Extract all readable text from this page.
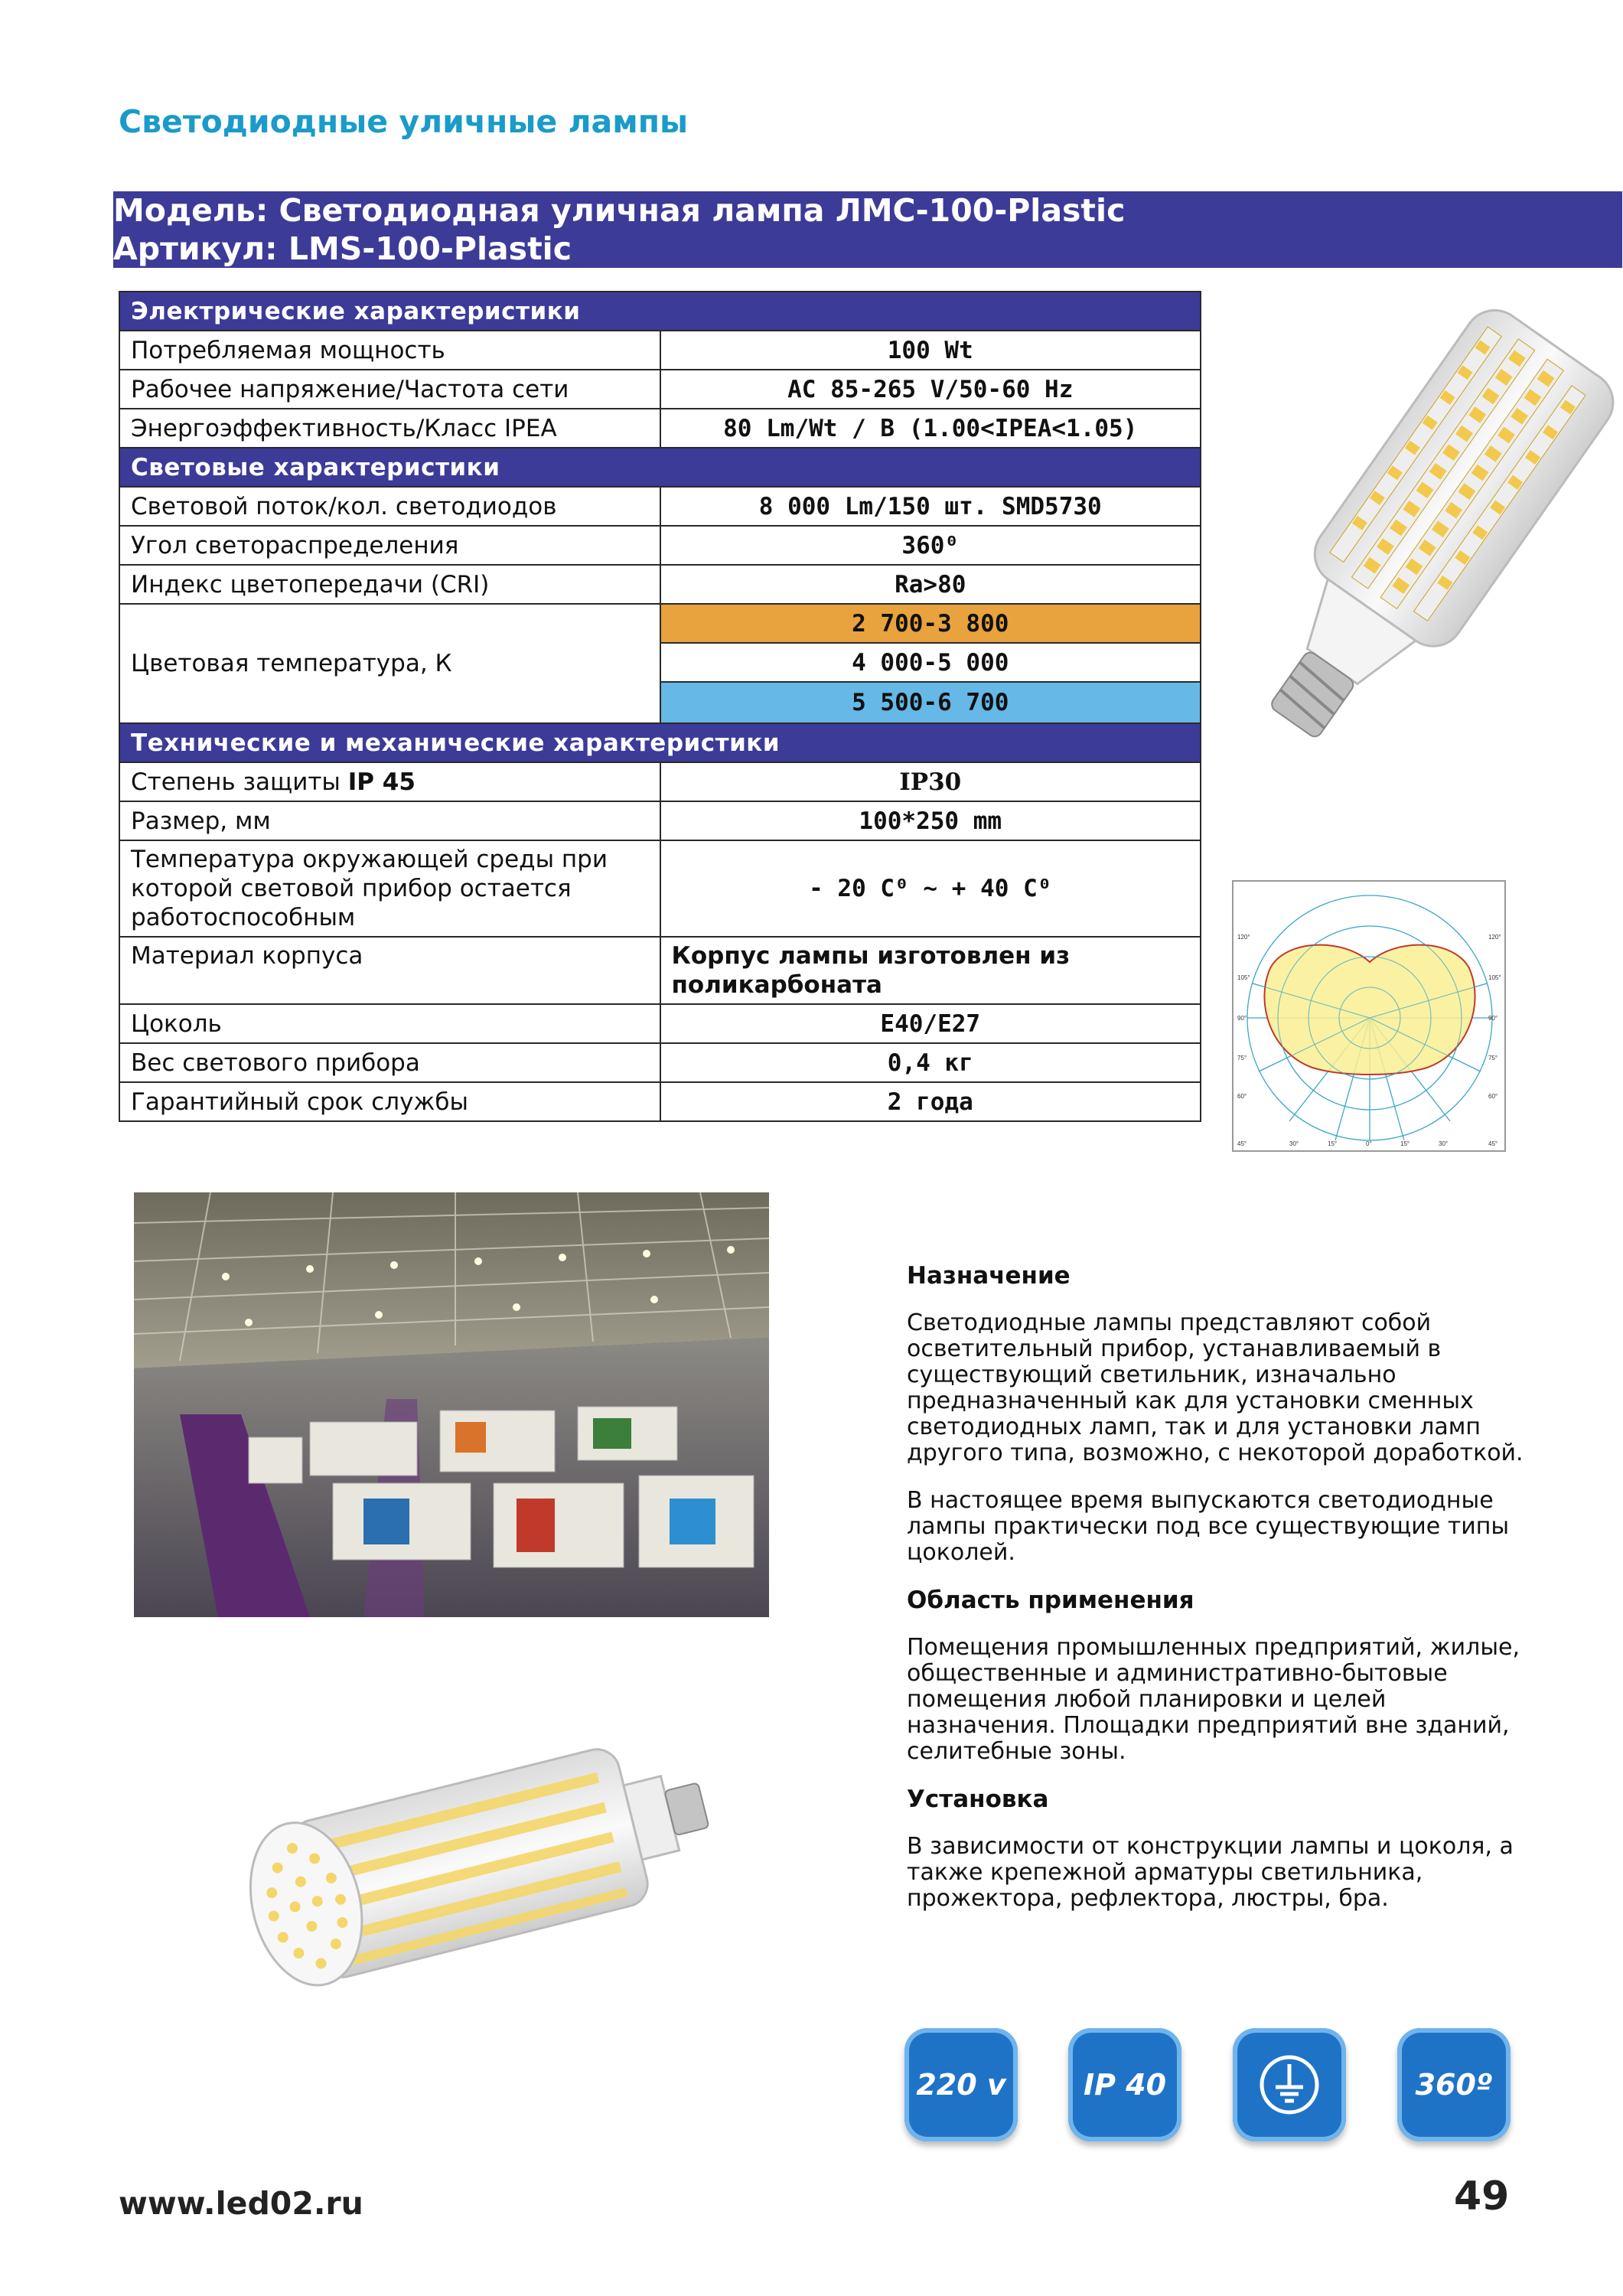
Светодиодные уличные лампы
Модель: Светодиодная уличная лампа ЛМС-100-Plastic
Артикул: LMS-100-Plastic
Электрические характеристики	
Потребляемая мощность	100 Wt
Рабочее напряжение/Частота сети	AC 85-265 V/50-60 Hz
Энергоэффективность/Класс IPEA	80 Lm/Wt / B (1.00<IPEA<1.05)
Световые характеристики	
Световой поток/кол. светодиодов	8 000 Lm/150 шт. SMD5730
Угол светораспределения	360⁰
Индекс цветопередачи (CRI)	Ra>80
Цветовая температура, К	2 700-3 800
	4 000-5 000
	5 500-6 700
Технические и механические характеристики	
Степень защиты IP 45	IP30
Размер, мм	100*250 mm
Температура окружающей среды при которой световой прибор остается работоспособным	- 20 С⁰ ~ + 40 С⁰
Материал корпуса	Корпус лампы изготовлен из поликарбоната
Цоколь	E40/E27
Вес светового прибора	0,4 кг
Гарантийный срок службы	2 года
120°
105°
90°
75°
60°
120°
105°
90°
75°
60°
45°	30°	15°	0°	15°	30°	45°
Назначение

Светодиодные лампы представляют собой осветительный прибор, устанавливаемый в существующий светильник, изначально предназначенный как для установки сменных светодиодных ламп, так и для установки ламп другого типа, возможно, с некоторой доработкой.

В настоящее время выпускаются светодиодные лампы практически под все существующие типы цоколей.

Область применения

Помещения промышленных предприятий, жилые, общественные и административно-бытовые помещения любой планировки и целей назначения. Площадки предприятий вне зданий, селитебные зоны.

Установка

В зависимости от конструкции лампы и цоколя, а также крепежной арматуры светильника, прожектора, рефлектора, люстры, бра.

220 v	IP 40	360º
www.led02.ru	49
